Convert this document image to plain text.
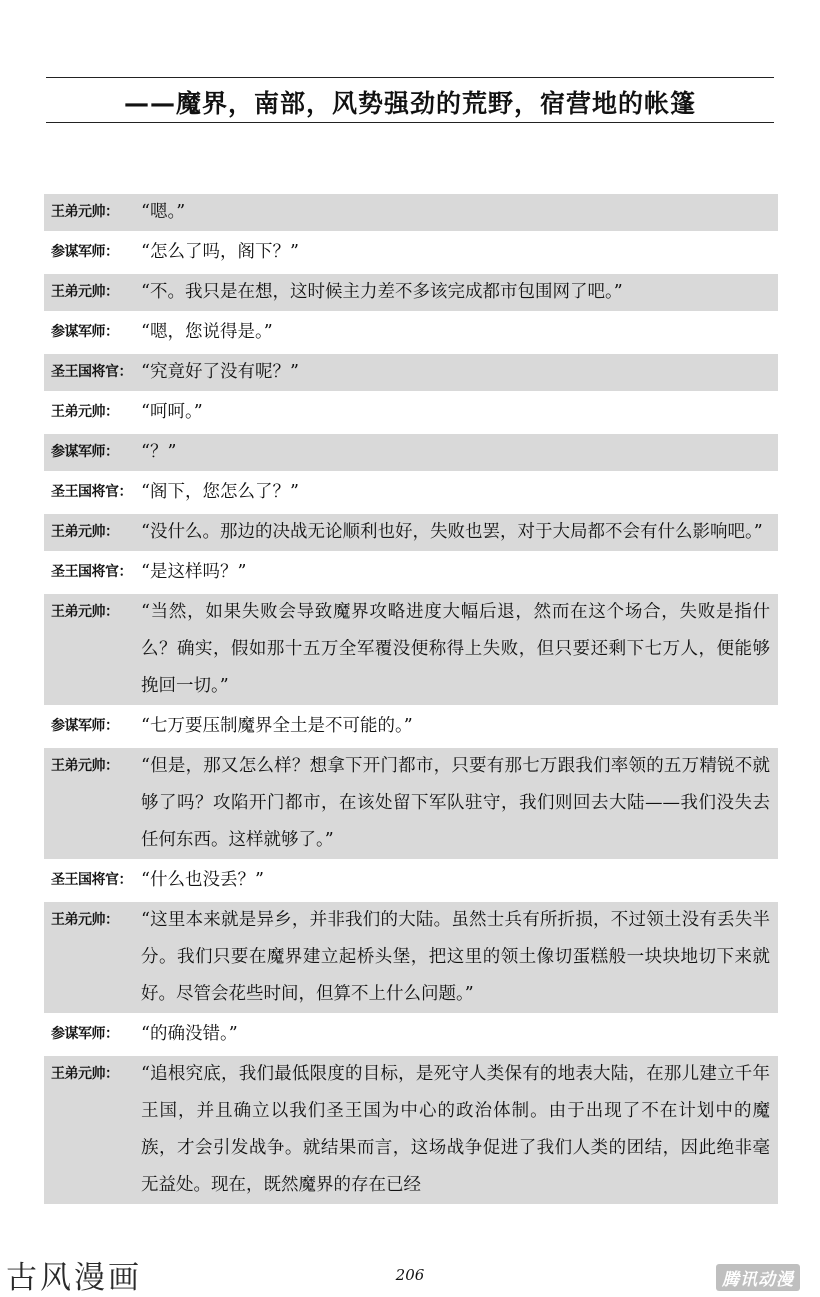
——魔界，南部，风势强劲的荒野，宿营地的帐篷
王弟元帅：	“嗯。”
参谋军师：	“怎么了吗，阁下？”
王弟元帅：	“不。我只是在想，这时候主力差不多该完成都市包围网了吧。”
参谋军师：	“嗯，您说得是。”
圣王国将官： “究竟好了没有呢？”
王弟元帅：	“呵呵。”
参谋军师：	“？”
圣王国将官： “阁下，您怎么了？”
王弟元帅：	“没什么。那边的决战无论顺利也好，失败也罢，对于大局都不会有什么影响吧。”
圣王国将官： “是这样吗？”
王弟元帅：	“当然，如果失败会导致魔界攻略进度大幅后退，然而在这个场合，失败是指什么？确实，假如那十五万全军覆没便称得上失败，但只要还剩下七万人，便能够挽回一切。”
参谋军师：	“七万要压制魔界全土是不可能的。”
王弟元帅：	“但是，那又怎么样？想拿下开门都市，只要有那七万跟我们率领的五万精锐不就够了吗？攻陷开门都市，在该处留下军队驻守，我们则回去大陆——我们没失去任何东西。这样就够了。”
圣王国将官： “什么也没丢？”
王弟元帅：	“这里本来就是异乡，并非我们的大陆。虽然士兵有所折损，不过领土没有丢失半分。我们只要在魔界建立起桥头堡，把这里的领土像切蛋糕般一块块地切下来就好。尽管会花些时间，但算不上什么问题。”
参谋军师：	“的确没错。”
王弟元帅：	“追根究底，我们最低限度的目标，是死守人类保有的地表大陆，在那儿建立千年王国，并且确立以我们圣王国为中心的政治体制。由于出现了不在计划中的魔族，才会引发战争。就结果而言，这场战争促进了我们人类的团结，因此绝非毫无益处。现在，既然魔界的存在已经
古风漫画	206	腾讯动漫
